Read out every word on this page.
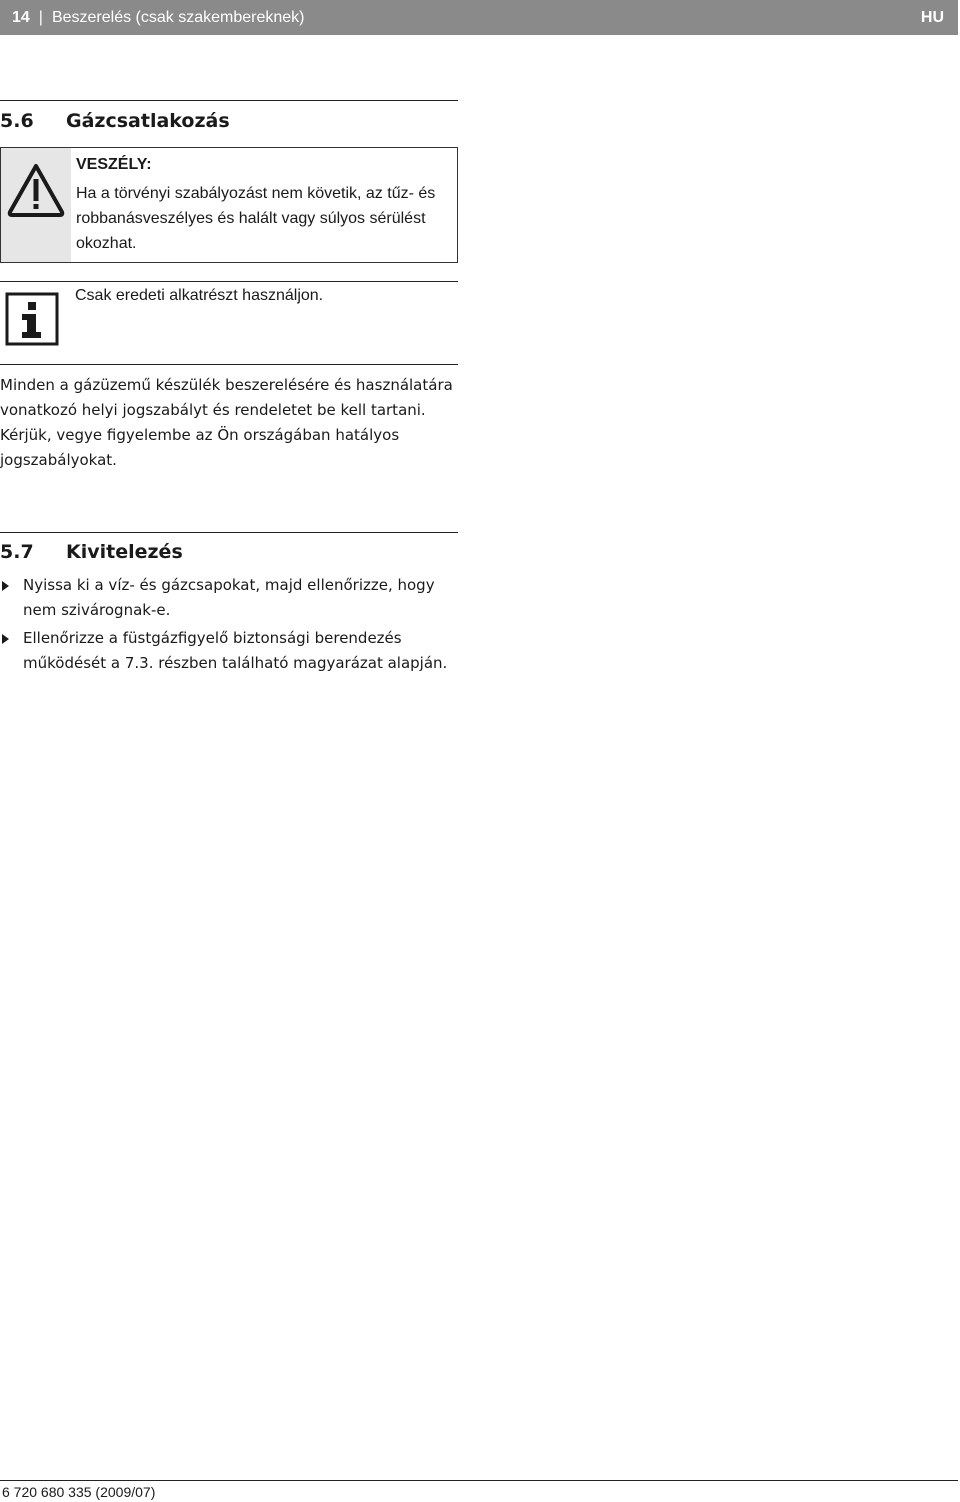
14 | Beszerelés (csak szakembereknek)	HU
5.6 Gázcsatlakozás
VESZÉLY:
Ha a törvényi szabályozást nem követik, az tűz- és robbanásveszélyes és halált vagy súlyos sérülést okozhat.
Csak eredeti alkatrészt használjon.
Minden a gázüzemű készülék beszerelésére és használatára vonatkozó helyi jogszabályt és rendeletet be kell tartani.
Kérjük, vegye figyelembe az Ön országában hatályos jogszabályokat.
5.7 Kivitelezés
Nyissa ki a víz- és gázcsapokat, majd ellenőrizze, hogy nem szivárognak-e.
Ellenőrizze a füstgázfigyelő biztonsági berendezés működését a 7.3. részben található magyarázat alapján.
6 720 680 335 (2009/07)
